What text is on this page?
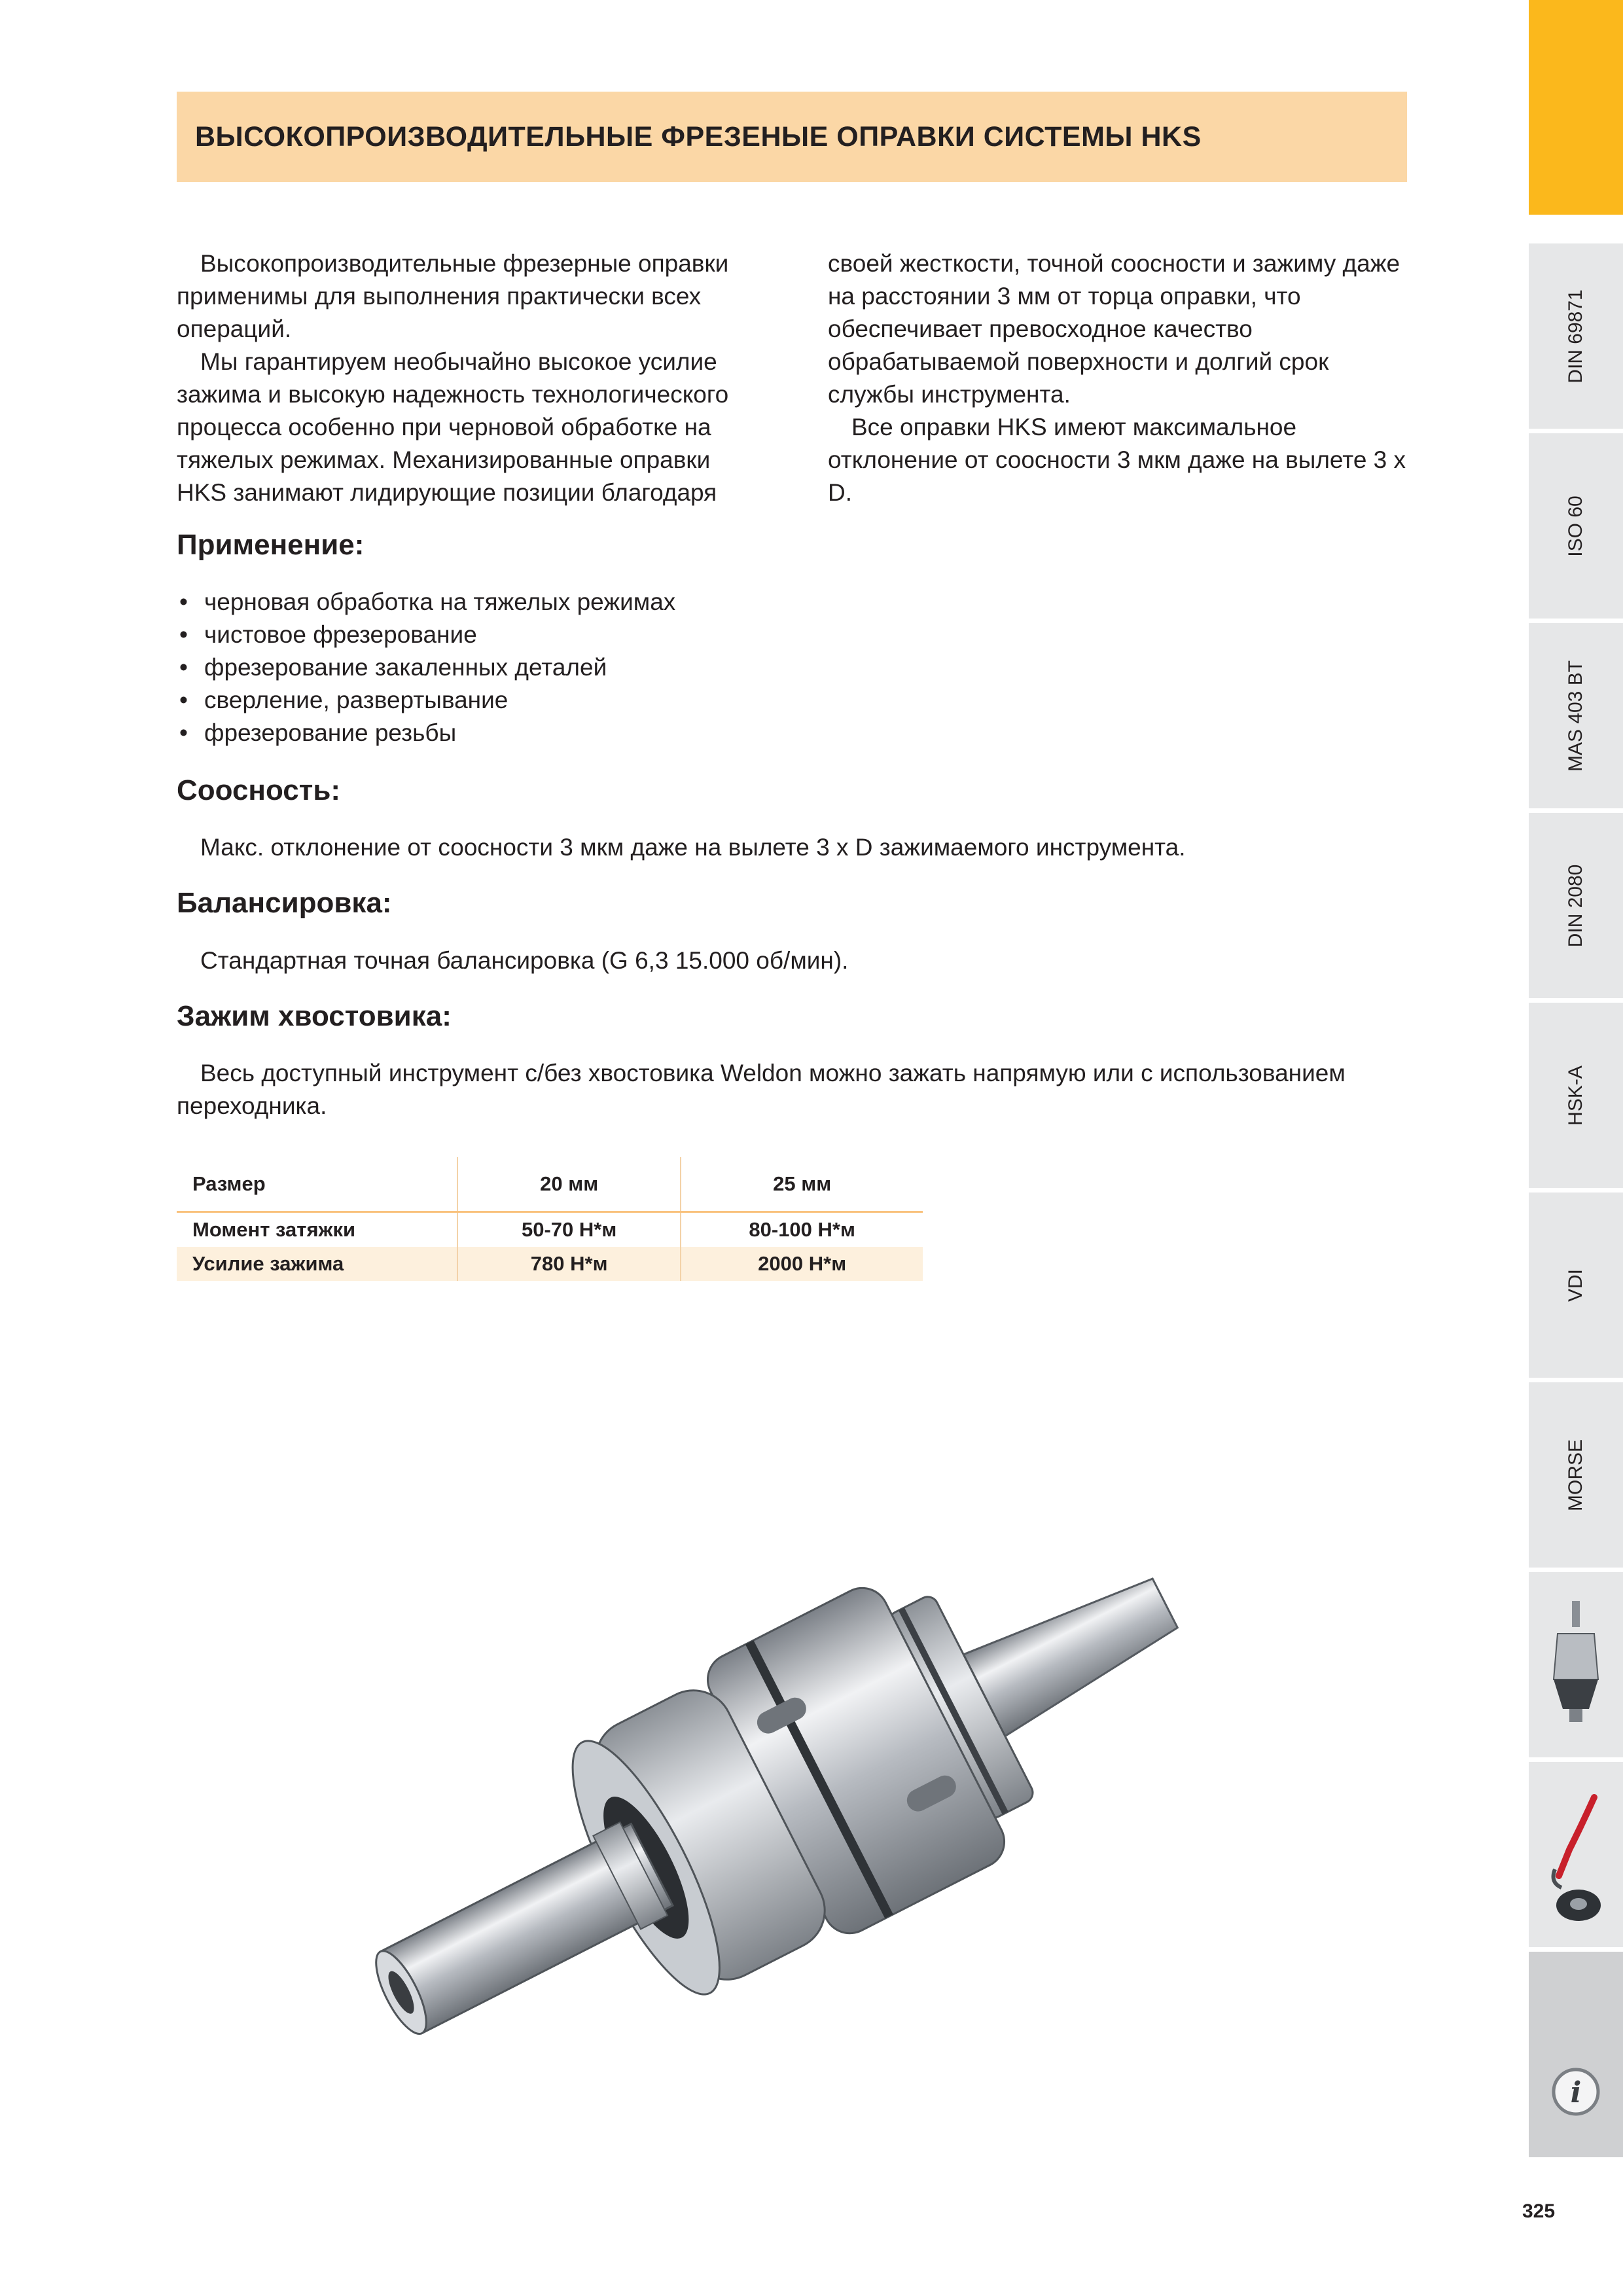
ВЫСОКОПРОИЗВОДИТЕЛЬНЫЕ ФРЕЗЕНЫЕ ОПРАВКИ СИСТЕМЫ HKS

Высокопроизводительные фрезерные оправки применимы для выполнения практически всех операций.

Мы гарантируем необычайно высокое усилие зажима и высокую надежность технологического процесса особенно при черновой обработке на тяжелых режимах. Механизированные оправки HKS занимают лидирующие позиции благодаря своей жесткости, точной соосности и зажиму даже на расстоянии 3 мм от торца оправки, что обеспечивает превосходное качество обрабатываемой поверхности и долгий срок службы инструмента.

Все оправки HKS имеют максимальное отклонение от соосности 3 мкм даже на вылете 3 x D.

Применение:
• черновая обработка на тяжелых режимах
• чистовое фрезерование
• фрезерование закаленных деталей
• сверление, развертывание
• фрезерование резьбы
Соосность:

Макс. отклонение от соосности 3 мкм даже на вылете 3 x D зажимаемого инструмента.

Балансировка:

Стандартная точная балансировка (G 6,3 15.000 об/мин).

Зажим хвостовика:

Весь доступный инструмент с/без хвостовика Weldon можно зажать напрямую или с использованием переходника.

Размер	20 мм	25 мм
Момент затяжки	50-70 H*м	80-100 H*м
Усилие зажима	780 H*м	2000 H*м
DIN 69871
ISO 60
MAS 403 BT
DIN 2080
HSK-A
VDI
MORSE
i
325
